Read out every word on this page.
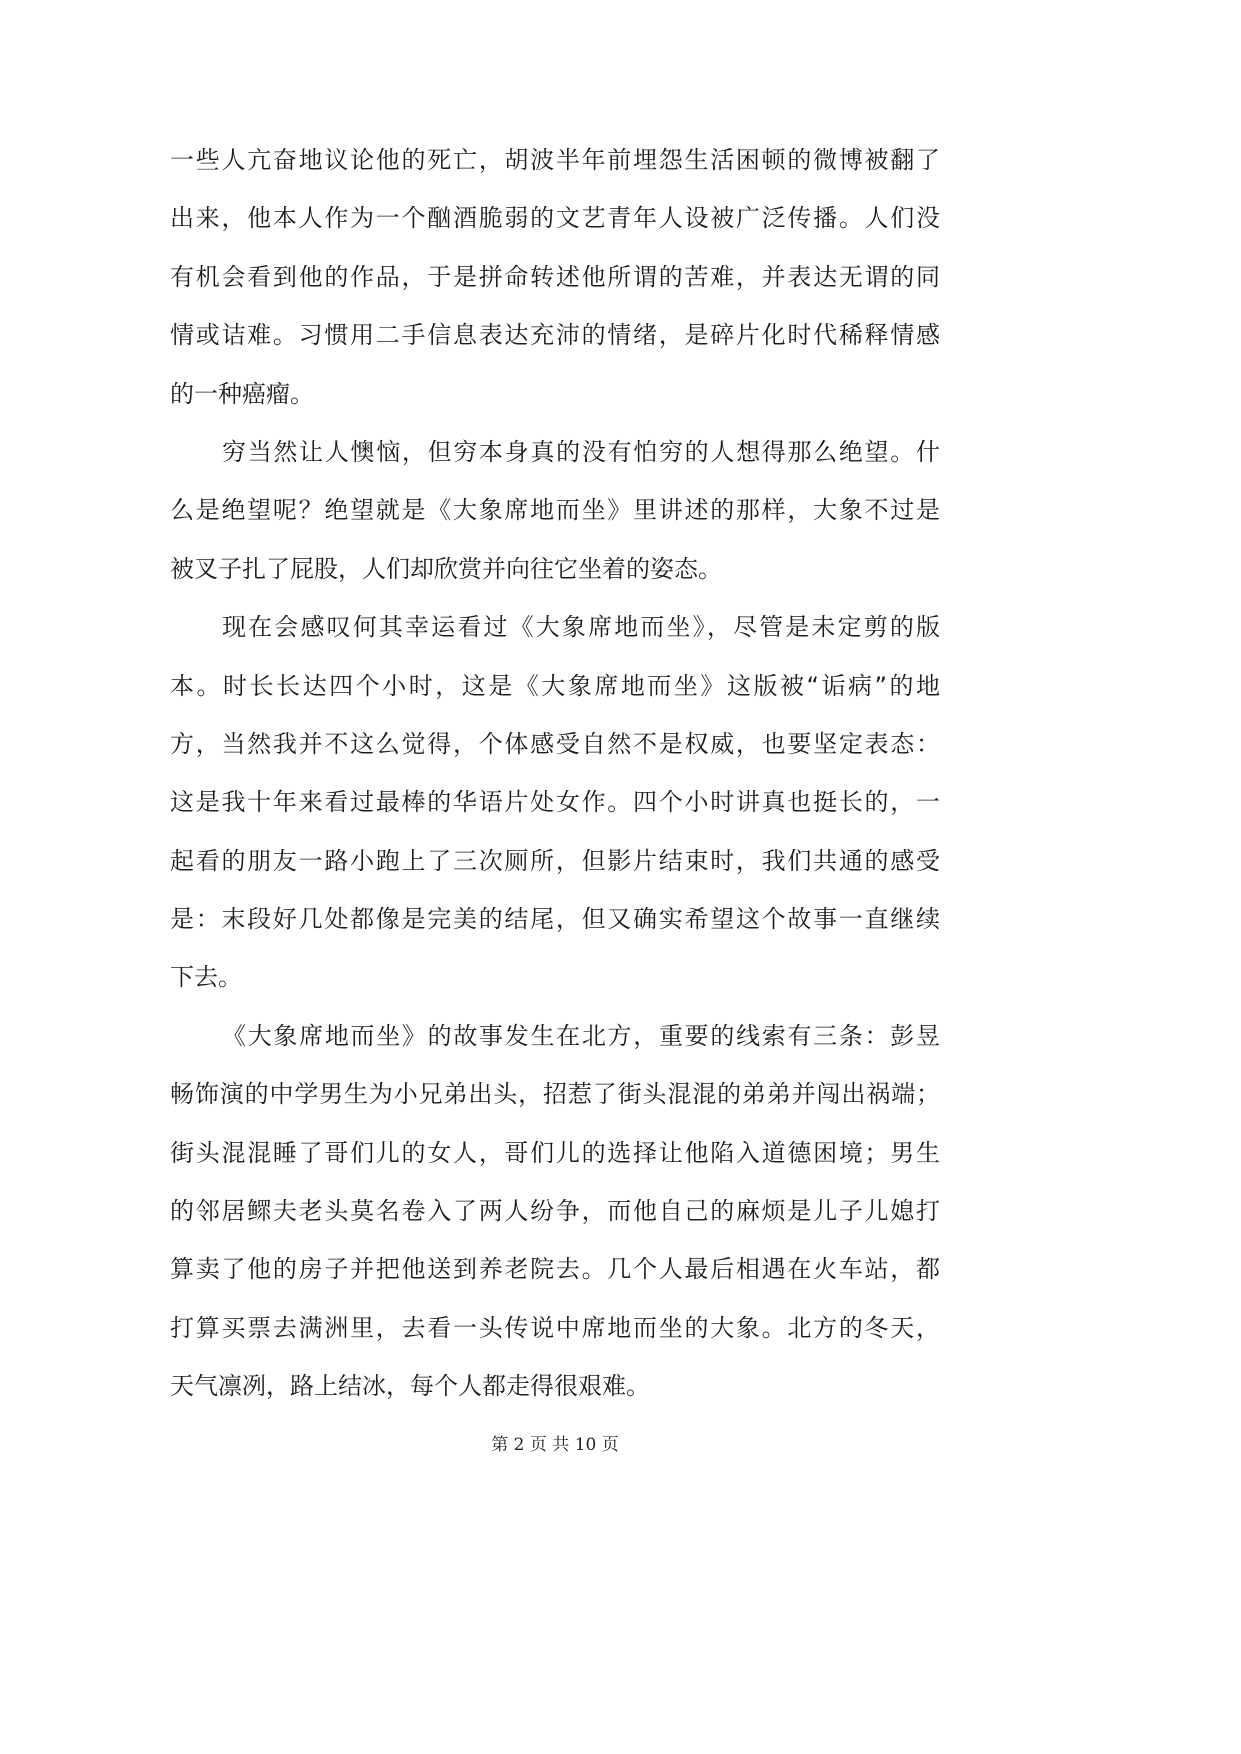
一些人亢奋地议论他的死亡，胡波半年前埋怨生活困顿的微博被翻了
出来，他本人作为一个酗酒脆弱的文艺青年人设被广泛传播。人们没
有机会看到他的作品，于是拼命转述他所谓的苦难，并表达无谓的同
情或诘难。习惯用二手信息表达充沛的情绪，是碎片化时代稀释情感
的一种癌瘤。
穷当然让人懊恼，但穷本身真的没有怕穷的人想得那么绝望。什
么是绝望呢？绝望就是《大象席地而坐》里讲述的那样，大象不过是
被叉子扎了屁股，人们却欣赏并向往它坐着的姿态。
现在会感叹何其幸运看过《大象席地而坐》，尽管是未定剪的版
本。时长长达四个小时，这是《大象席地而坐》这版被“诟病”的地
方，当然我并不这么觉得，个体感受自然不是权威，也要坚定表态：
这是我十年来看过最棒的华语片处女作。四个小时讲真也挺长的，一
起看的朋友一路小跑上了三次厕所，但影片结束时，我们共通的感受
是：末段好几处都像是完美的结尾，但又确实希望这个故事一直继续
下去。
《大象席地而坐》的故事发生在北方，重要的线索有三条：彭昱
畅饰演的中学男生为小兄弟出头，招惹了街头混混的弟弟并闯出祸端；
街头混混睡了哥们儿的女人，哥们儿的选择让他陷入道德困境；男生
的邻居鳏夫老头莫名卷入了两人纷争，而他自己的麻烦是儿子儿媳打
算卖了他的房子并把他送到养老院去。几个人最后相遇在火车站，都
打算买票去满洲里，去看一头传说中席地而坐的大象。北方的冬天，
天气凛冽，路上结冰，每个人都走得很艰难。
第 2 页 共 10 页
